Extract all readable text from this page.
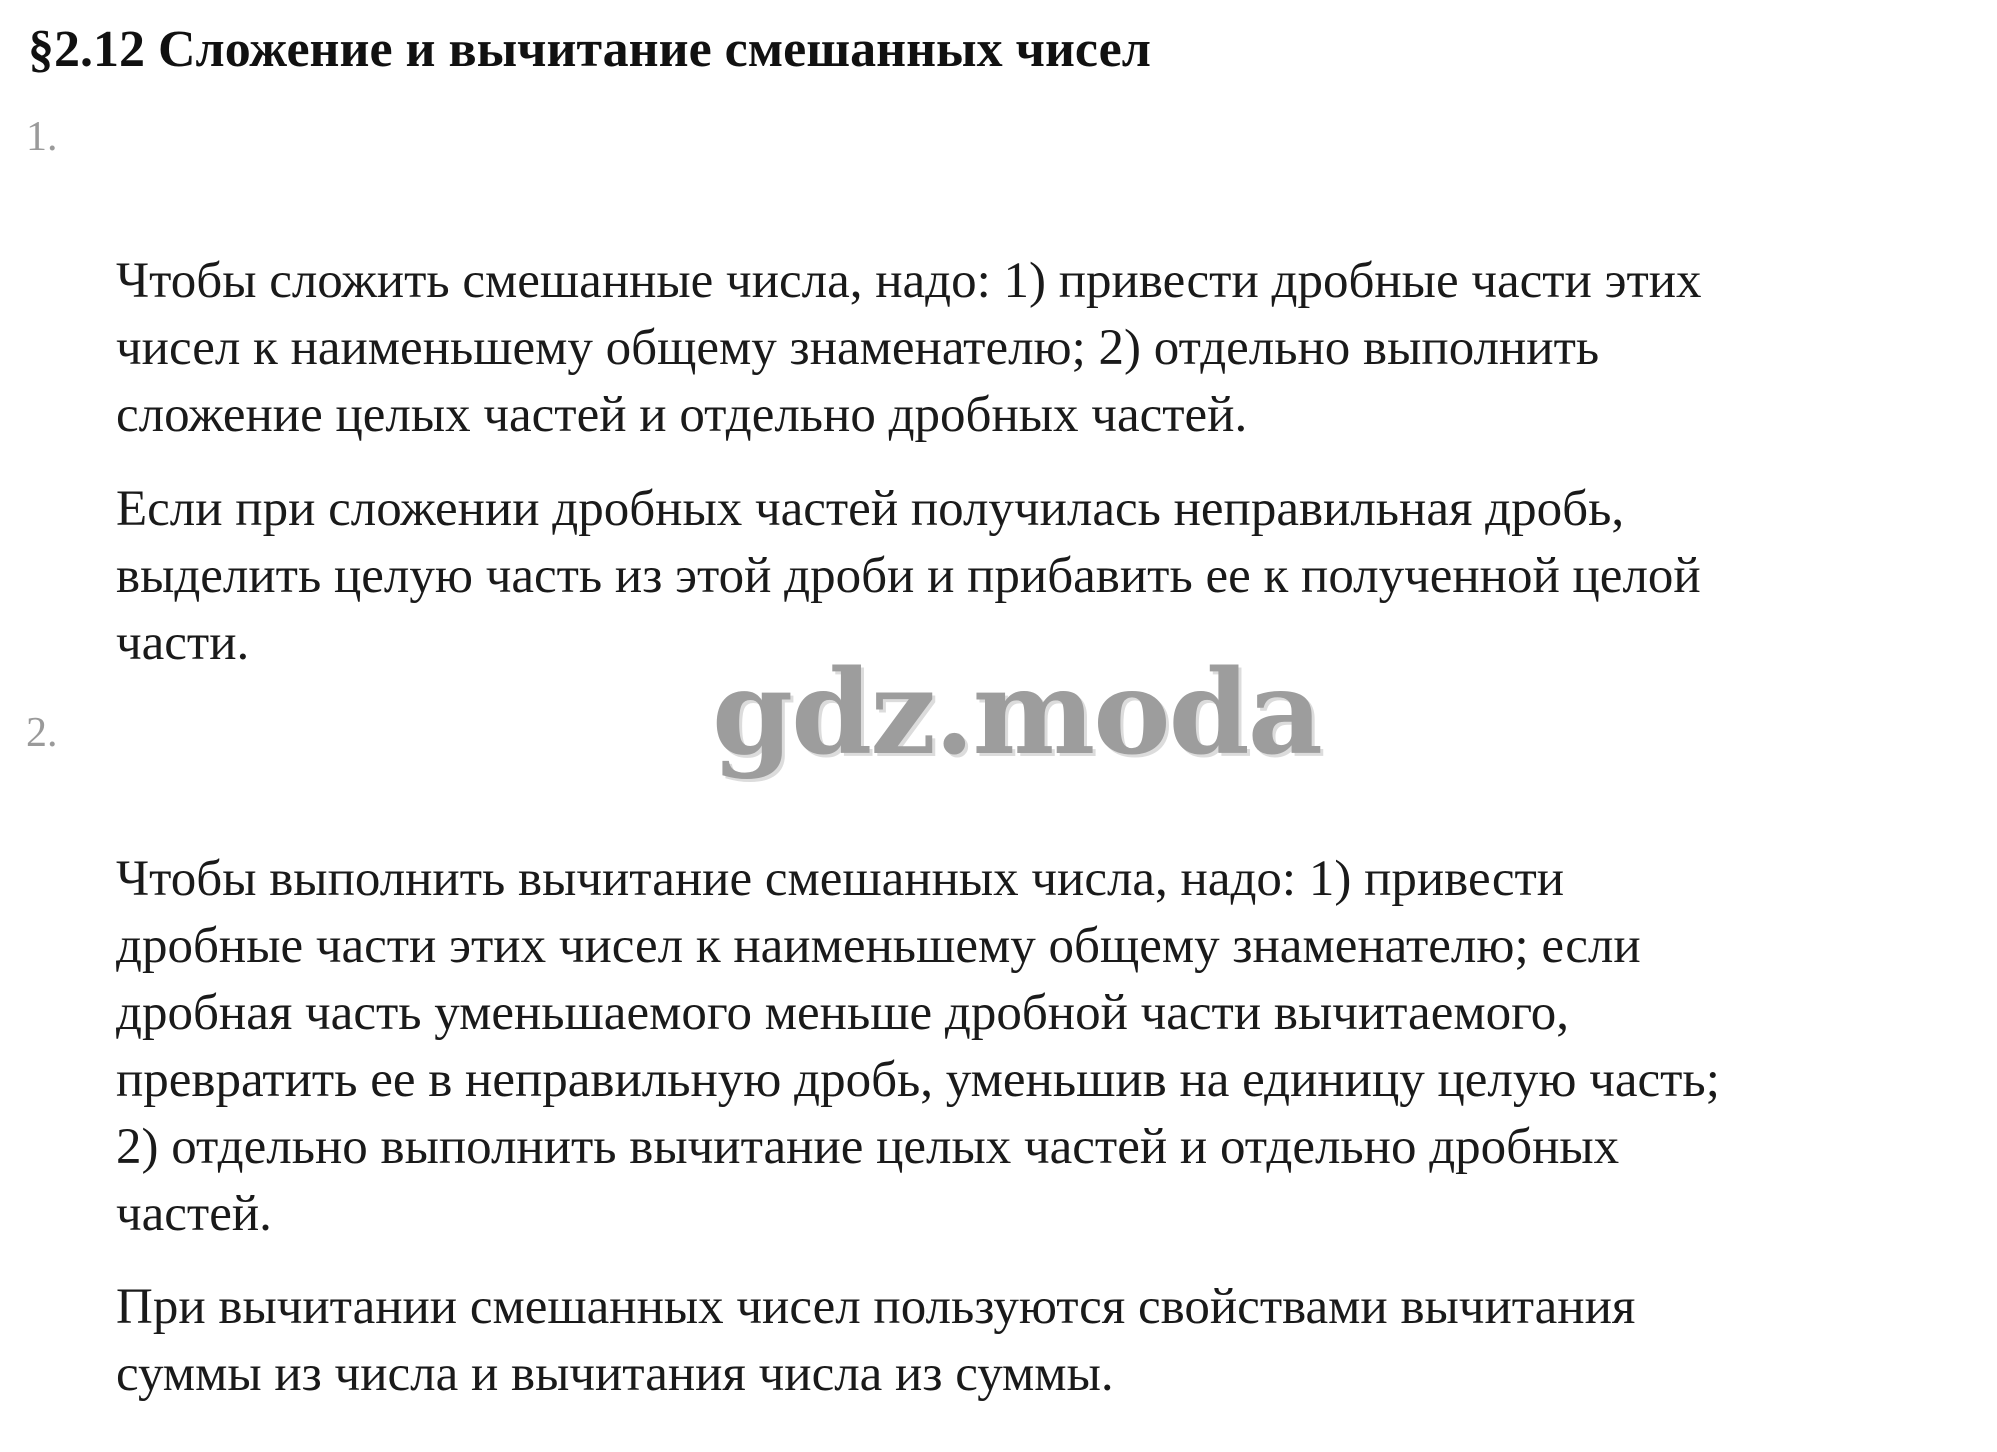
§2.12 Сложение и вычитание смешанных чисел
1.

Чтобы сложить смешанные числа, надо: 1) привести дробные части этих
чисел к наименьшему общему знаменателю; 2) отдельно выполнить
сложение целых частей и отдельно дробных частей.

Если при сложении дробных частей получилась неправильная дробь,
выделить целую часть из этой дроби и прибавить ее к полученной целой
части.

gdz.moda
2.

Чтобы выполнить вычитание смешанных числа, надо: 1) привести
дробные части этих чисел к наименьшему общему знаменателю; если
дробная часть уменьшаемого меньше дробной части вычитаемого,
превратить ее в неправильную дробь, уменьшив на единицу целую часть;
2) отдельно выполнить вычитание целых частей и отдельно дробных
частей.

При вычитании смешанных чисел пользуются свойствами вычитания
суммы из числа и вычитания числа из суммы.
